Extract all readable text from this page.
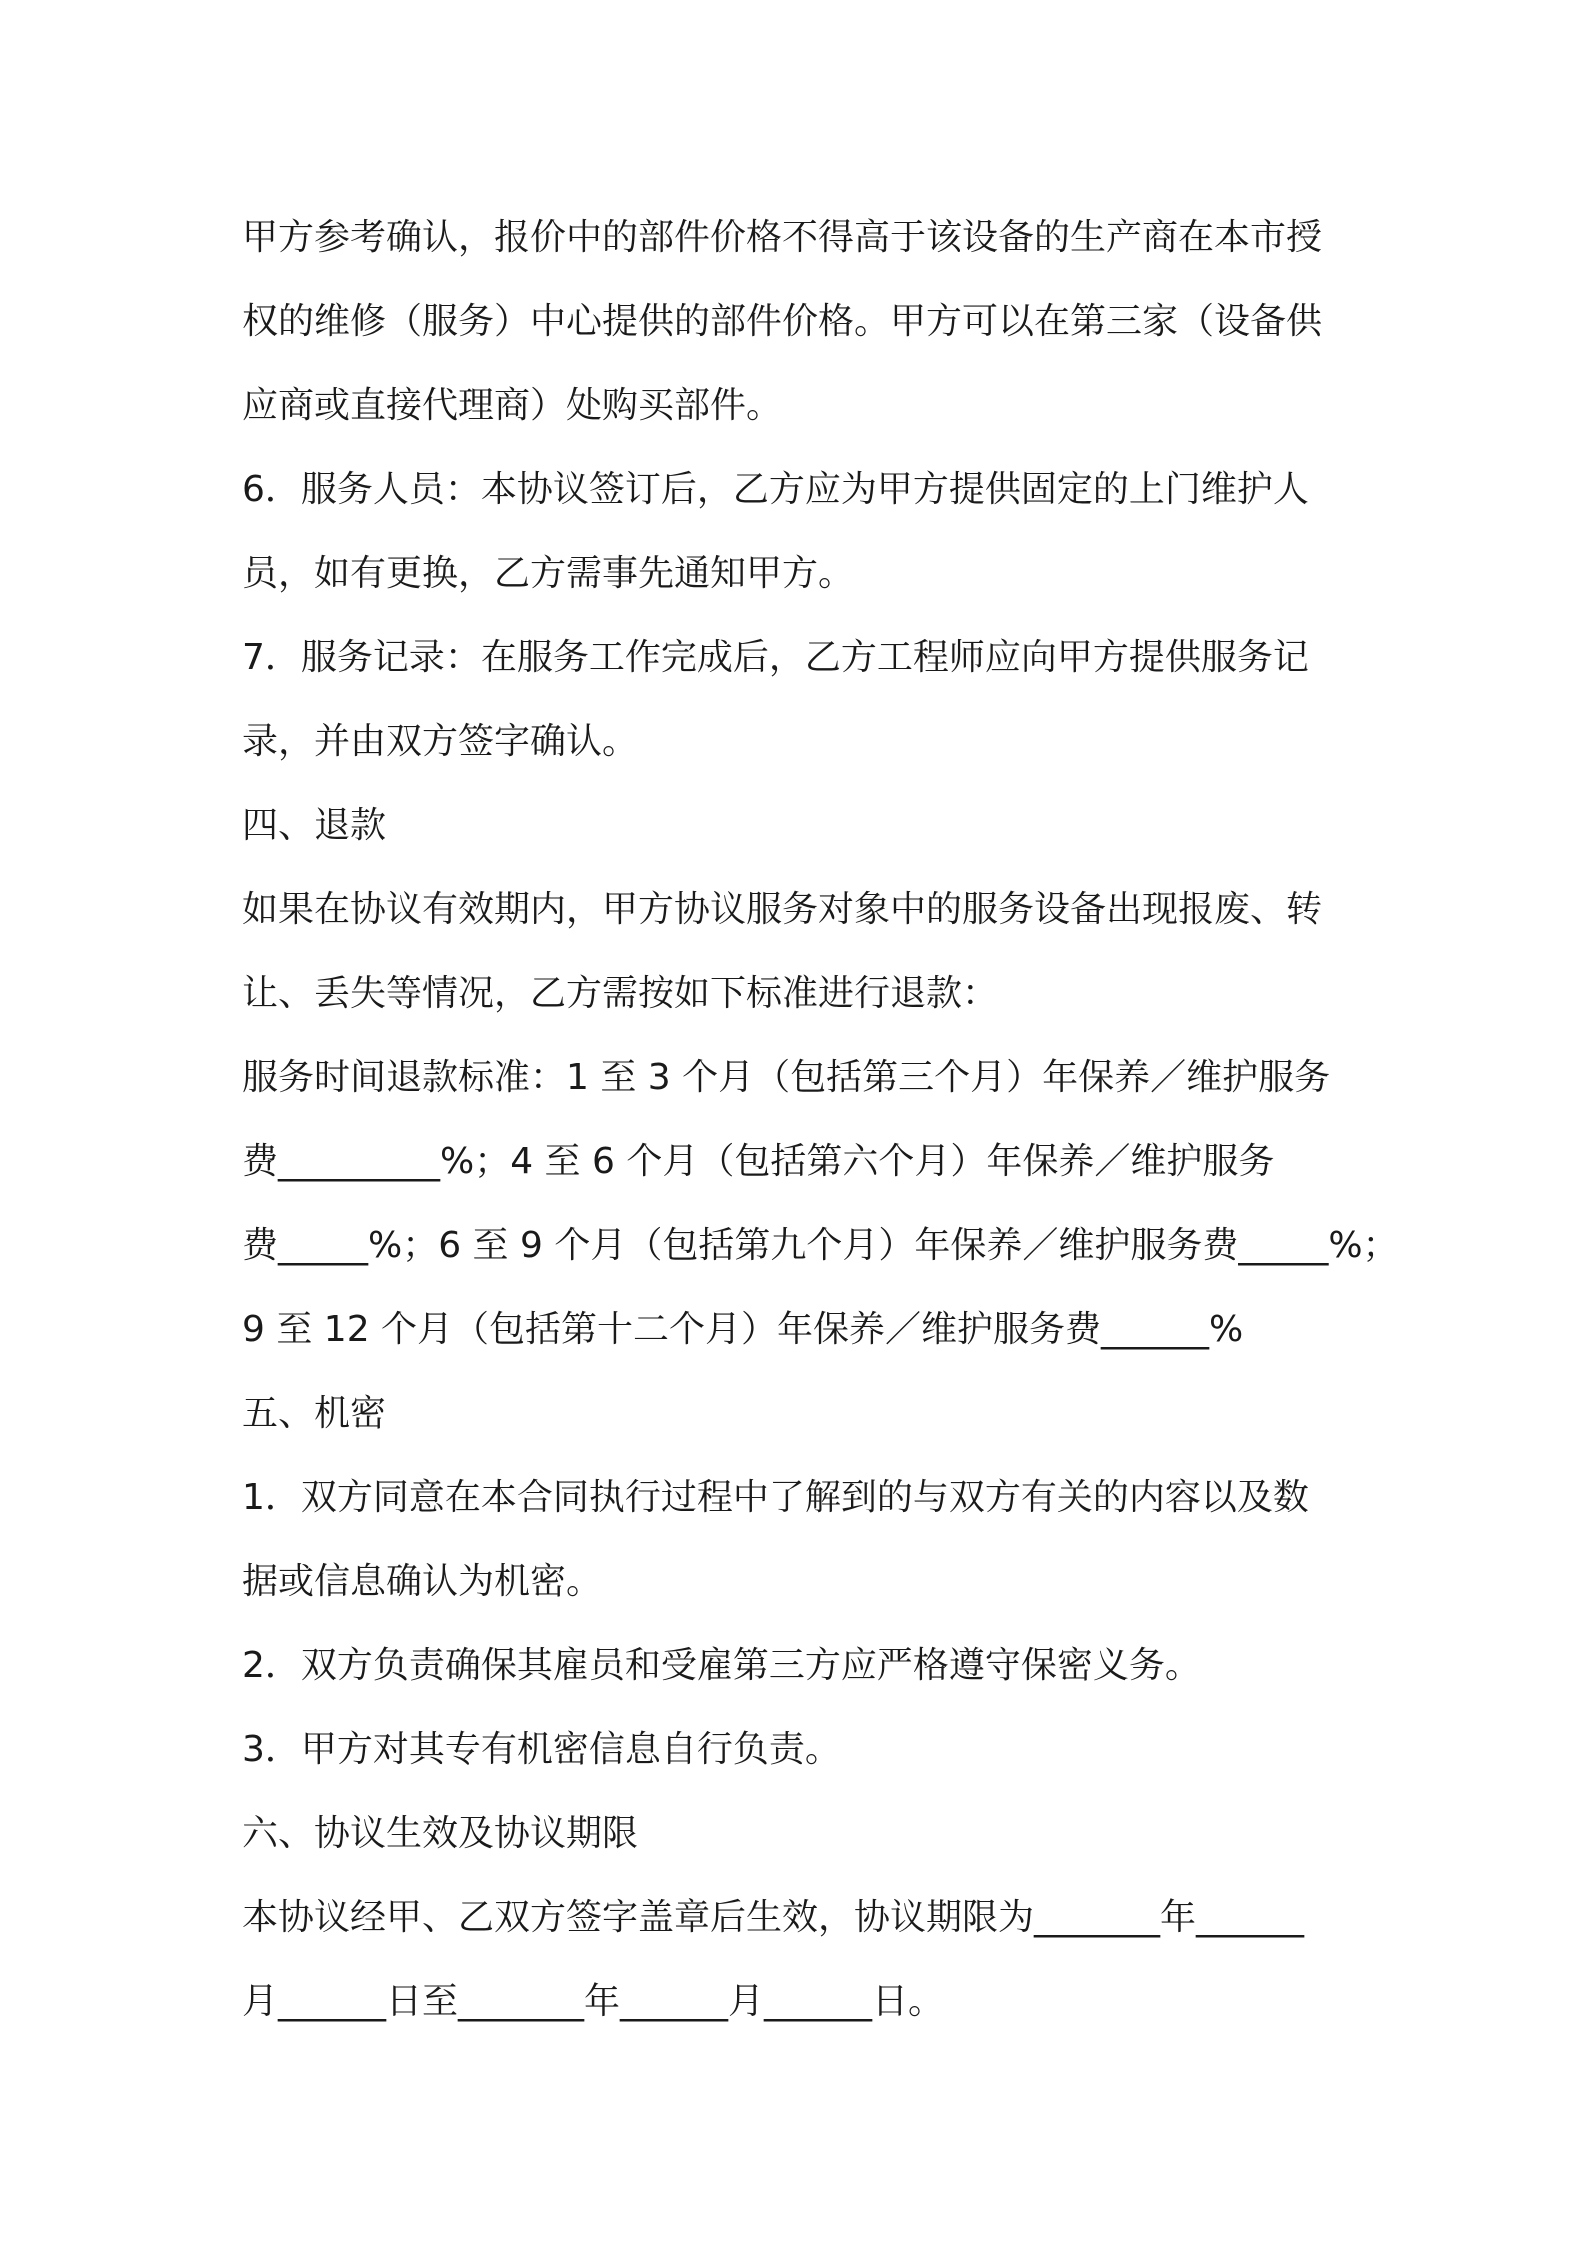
甲方参考确认，报价中的部件价格不得高于该设备的生产商在本市授
权的维修（服务）中心提供的部件价格。甲方可以在第三家（设备供
应商或直接代理商）处购买部件。
6．服务人员：本协议签订后，乙方应为甲方提供固定的上门维护人
员，如有更换，乙方需事先通知甲方。
7．服务记录：在服务工作完成后，乙方工程师应向甲方提供服务记
录，并由双方签字确认。
四、退款
如果在协议有效期内，甲方协议服务对象中的服务设备出现报废、转
让、丢失等情况，乙方需按如下标准进行退款：
服务时间退款标准：1 至 3 个月（包括第三个月）年保养／维护服务
费_________%；4 至 6 个月（包括第六个月）年保养／维护服务
费_____%；6 至 9 个月（包括第九个月）年保养／维护服务费_____%；
9 至 12 个月（包括第十二个月）年保养／维护服务费______%
五、机密
1．双方同意在本合同执行过程中了解到的与双方有关的内容以及数
据或信息确认为机密。
2．双方负责确保其雇员和受雇第三方应严格遵守保密义务。
3．甲方对其专有机密信息自行负责。
六、协议生效及协议期限
本协议经甲、乙双方签字盖章后生效，协议期限为_______年______
月______日至_______年______月______日。
